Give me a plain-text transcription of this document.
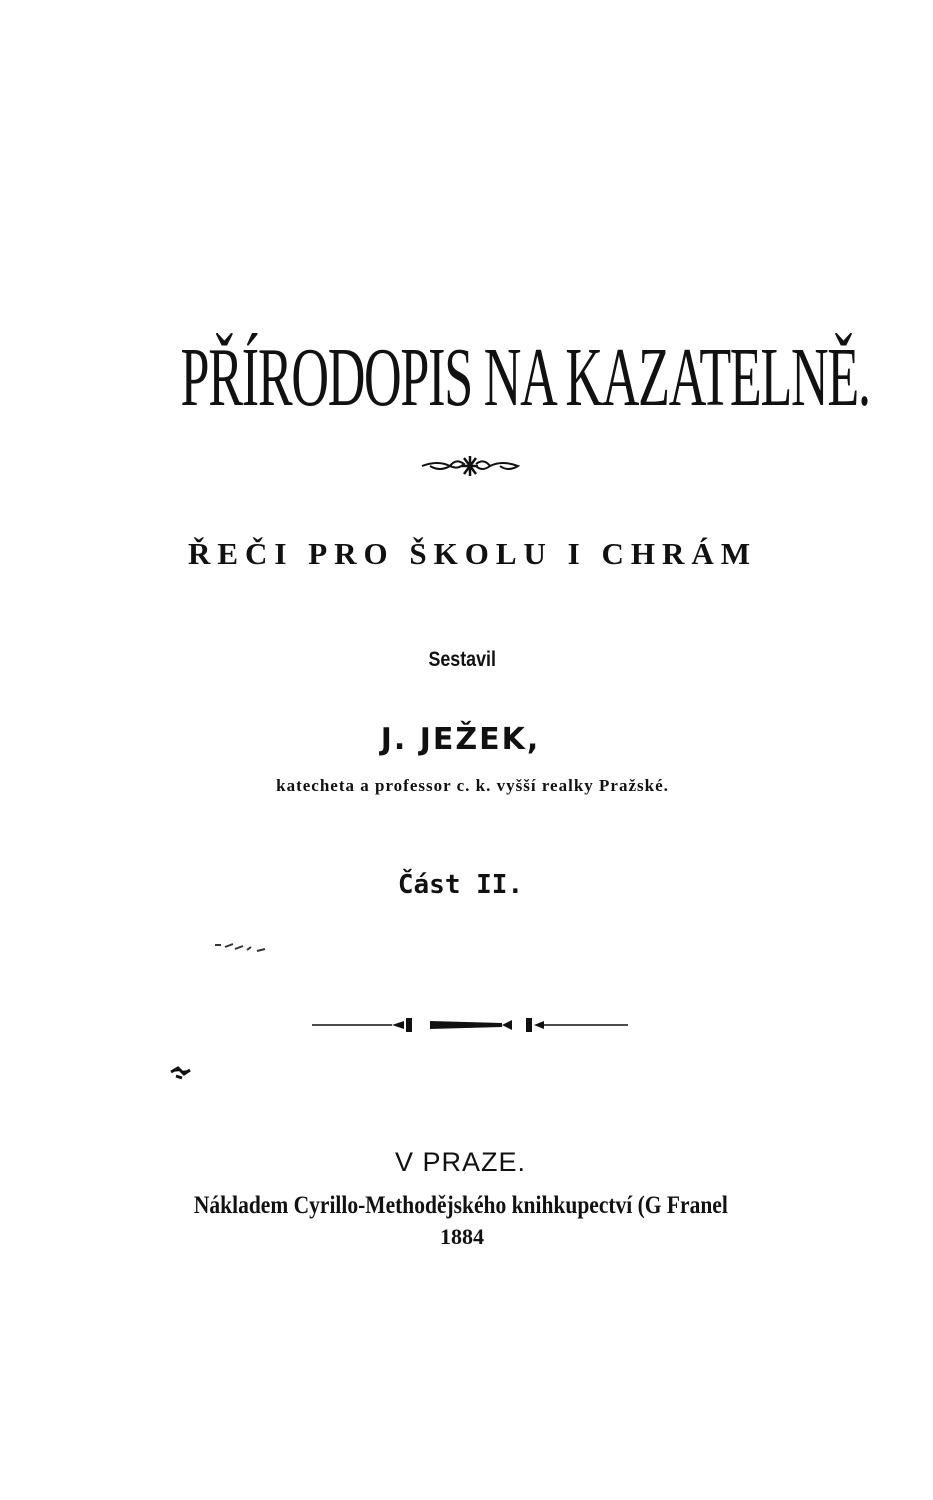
PŘÍRODOPIS NA KAZATELNĚ.
ŘEČI PRO ŠKOLU I CHRÁM
Sestavil
J. JEŽEK,
katecheta a professor c. k. vyšší realky Pražské.
Část II.
V PRAZE.
Nákladem Cyrillo-Methodějského knihkupectví (G Franel
1884
